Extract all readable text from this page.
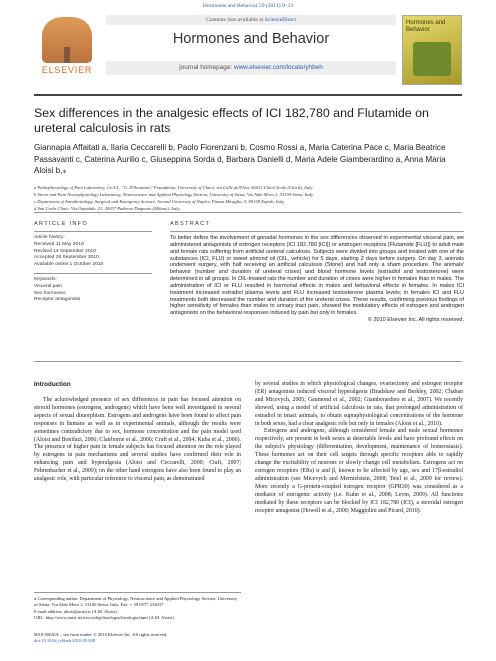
Hormones and Behavior 59 (2011) 9–13
ELSEVIER
Contents lists available at ScienceDirect
Hormones and Behavior
journal homepage: www.elsevier.com/locate/yhbeh
Hormones and Behavior
Sex differences in the analgesic effects of ICI 182,780 and Flutamide on ureteral calculosis in rats
Giannapia Affaitati a, Ilaria Ceccarelli b, Paolo Fiorenzani b, Cosmo Rossi a, Maria Caterina Pace c, Maria Beatrice Passavanti c, Caterina Aurilio c, Giuseppina Sorda d, Barbara Danielli d, Maria Adele Giamberardino a, Anna Maria Aloisi b,⁎
a Pathophysiology of Pain Laboratory, Ce.S.I., "G. D'Annunzio" Foundation, University of Chieti, via Colle dell'Ara, 66013 Chieti Scalo (Chieti), Italy
b Stress and Pain Neurophysiology Laboratory, Neuroscience and Applied Physiology Section, University of Siena, Via Aldo Moro 2, 53100 Siena, Italy
c Department of Anesthesiology, Surgical and Emergency Science, Second University of Naples, Piazza Miraglia, 5, 80138 Napoli, Italy
d San Carlo Clinic, Via Ospedale, 21, 20037 Paderno Dugnano (Milano), Italy
ARTICLE INFO
Article history:
Received 11 May 2010
Revised 14 September 2010
Accepted 26 September 2010
Available online 1 October 2010
Keywords:
Visceral pain
Sex hormones
Receptor antagonists
ABSTRACT
To better define the involvement of gonadal hormones in the sex differences observed in experimental visceral pain, we administered antagonists of estrogen receptors (ICI 182,780 [ICI]) or androgen receptors (Flutamide [FLU]) to adult male and female rats suffering from artificial ureteral calculosis. Subjects were divided into groups and treated with one of the substances (ICI, FLU) or sweet almond oil (OIL, vehicle) for 5 days, starting 2 days before surgery. On day 3, animals underwent surgery, with half receiving an artificial calculosis (Stone) and half only a sham procedure. The animals' behavior (number and duration of ureteral crises) and blood hormone levels (estradiol and testosterone) were determined in all groups. In OIL-treated rats the number and duration of crises were higher in females than in males. The administration of ICI or FLU resulted in hormonal effects in males and behavioral effects in females. In males ICI treatment increased estradiol plasma levels and FLU increased testosterone plasma levels; in females ICI and FLU treatments both decreased the number and duration of the ureteral crises. These results, confirming previous findings of higher sensitivity of females than males to urinary tract pain, showed the modulatory effects of estrogen and androgen antagonists on the behavioral responses induced by pain but only in females.
© 2010 Elsevier Inc. All rights reserved.
Introduction

The acknowledged presence of sex differences in pain has focused attention on steroid hormones (estrogens, androgens) which have been well investigated in several aspects of sexual dimorphism. Estrogens and androgens have been found to affect pain responses in humans as well as in experimental animals, although the results were sometimes contradictory due to sex, hormone concentration and the pain model used (Aloisi and Bonifazi, 2006; Clairborne et al., 2006; Craft et al., 2004; Kuba et al., 2006). The presence of higher pain in female subjects has focused attention on the role played by estrogens in pain mechanisms and several studies have confirmed their role in enhancing pain and hyperalgesia (Aloisi and Ceccarelli, 2000; Craft, 2007; Fehrenbacher et al., 2009); on the other hand estrogens have also been found to play an analgesic role, with particular reference to visceral pain, as demonstrated

by several studies in which physiological changes, ovariectomy and estrogen receptor (ER) antagonists induced visceral hyperalgesia (Bradshaw and Berkley, 2002; Chaban and Micevych, 2005; Gaumond et al., 2002; Giamberardino et al., 2007). We recently showed, using a model of artificial calculosis in rats, that prolonged administration of estradiol in intact animals, to obtain supraphysiological concentrations of the hormone in both sexes, had a clear analgesic role but only in females (Aloisi et al., 2010).

Estrogens and androgens, although considered female and male sexual hormones respectively, are present in both sexes at detectable levels and have profound effects on the subject's physiology (differentiation, development, maintenance of homeostasis). These hormones act on their cell targets through specific receptors able to rapidly change the excitability of neurons or slowly change cell metabolism. Estrogens act on estrogen receptors (ERs) α and β, known to be affected by age, sex and 17β-estradiol administration (see Micevych and Mermelstein, 2008; Tetel et al., 2009 for review). More recently a G-protein-coupled estrogen receptor (GPR30) was considered as a mediator of estrogenic activity (i.e. Kuhn et al., 2008; Levin, 2009). All functions mediated by these receptors can be blocked by ICI 182,780 (ICI), a steroidal estrogen receptor antagonist (Howell et al., 2000; Maggiolini and Picard, 2010).

⁎ Corresponding author. Department of Physiology, Neuroscience and Applied Physiology Section, University of Siena, Via Aldo Moro 2, 53100 Siena, Italy. Fax: + 39 0577 234037.

E-mail address: aloisi@unisi.it (A.M. Aloisi).

URL: http://www.unisi.it/ricerca/dip/fisiologia/fisiologia.html (A.M. Aloisi).

0018-506X/$ – see front matter © 2010 Elsevier Inc. All rights reserved.

doi:10.1016/j.yhbeh.2010.09.008
